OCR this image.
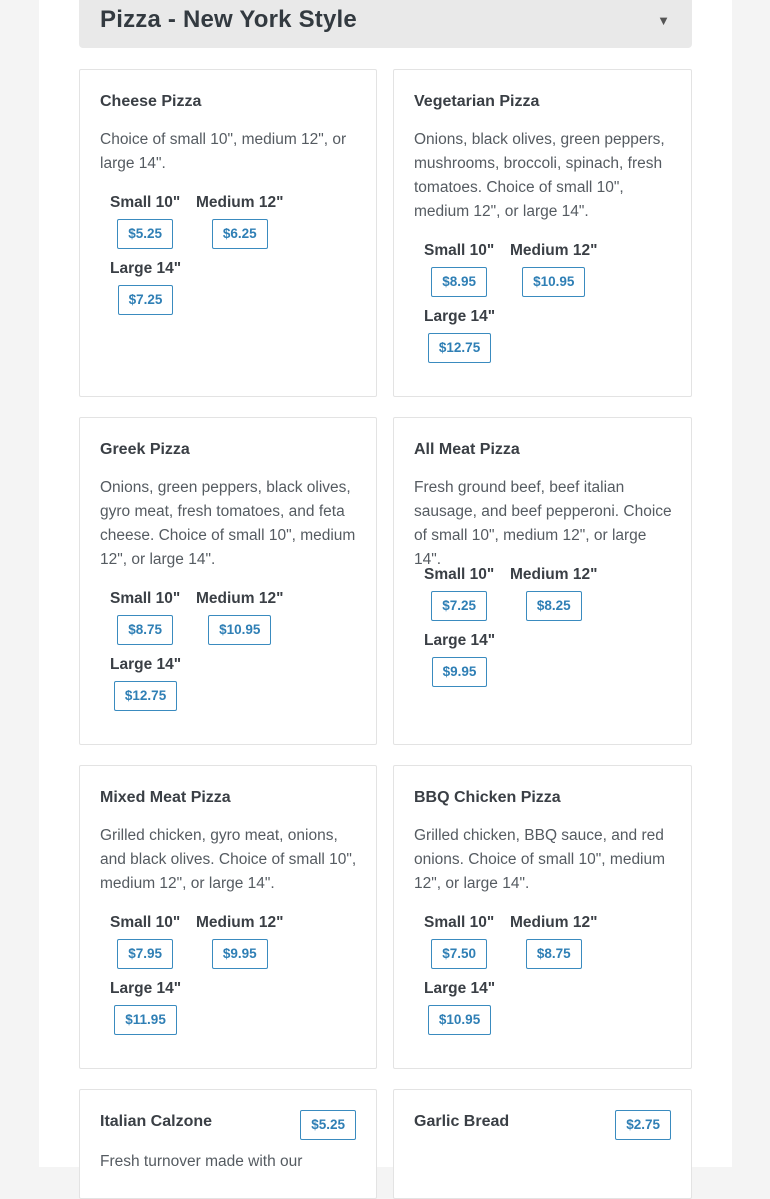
Pizza - New York Style	▼
Cheese Pizza
Choice of small 10", medium 12", or large 14".
Small 10"
$5.25
Medium 12"
$6.25
Large 14"
$7.25
Vegetarian Pizza
Onions, black olives, green peppers, mushrooms, broccoli, spinach, fresh tomatoes. Choice of small 10", medium 12", or large 14".
Small 10"
$8.95
Medium 12"
$10.95
Large 14"
$12.75
Greek Pizza
Onions, green peppers, black olives, gyro meat, fresh tomatoes, and feta cheese. Choice of small 10", medium 12", or large 14".
Small 10"
$8.75
Medium 12"
$10.95
Large 14"
$12.75
All Meat Pizza
Fresh ground beef, beef italian sausage, and beef pepperoni. Choice of small 10", medium 12", or large 14".
Small 10"
$7.25
Medium 12"
$8.25
Large 14"
$9.95
Mixed Meat Pizza
Grilled chicken, gyro meat, onions, and black olives. Choice of small 10", medium 12", or large 14".
Small 10"
$7.95
Medium 12"
$9.95
Large 14"
$11.95
BBQ Chicken Pizza
Grilled chicken, BBQ sauce, and red onions. Choice of small 10", medium 12", or large 14".
Small 10"
$7.50
Medium 12"
$8.75
Large 14"
$10.95
Italian Calzone	$5.25
Fresh turnover made with our
Garlic Bread	$2.75
